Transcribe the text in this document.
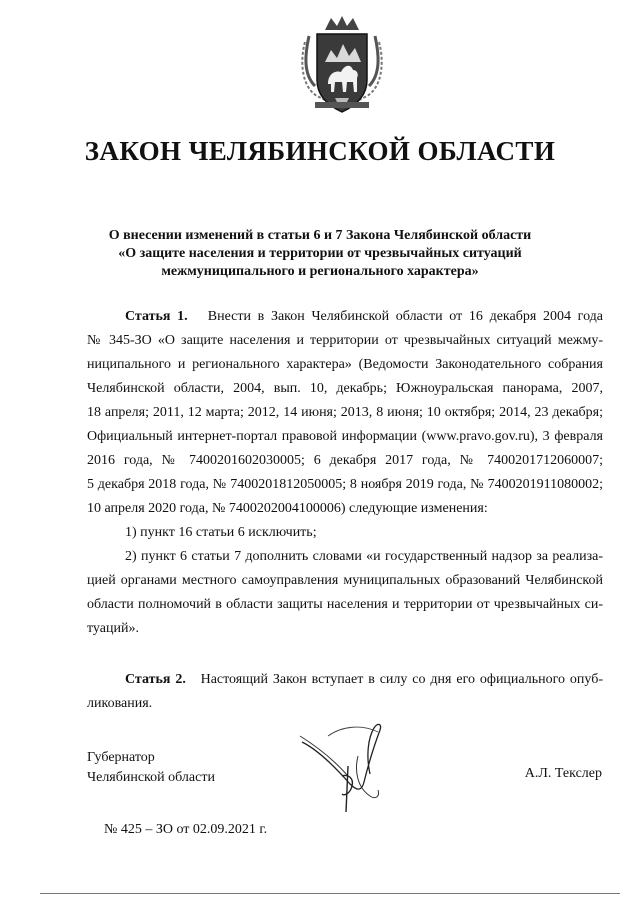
ЗАКОН ЧЕЛЯБИНСКОЙ ОБЛАСТИ
О внесении изменений в статьи 6 и 7 Закона Челябинской области
«О защите населения и территории от чрезвычайных ситуаций
межмуниципального и регионального характера»
Статья 1. Внести в Закон Челябинской области от 16 декабря 2004 года
№ 345-ЗО «О защите населения и территории от чрезвычайных ситуаций межму-
ниципального и регионального характера» (Ведомости Законодательного собрания
Челябинской области, 2004, вып. 10, декабрь; Южноуральская панорама, 2007,
18 апреля; 2011, 12 марта; 2012, 14 июня; 2013, 8 июня; 10 октября; 2014, 23 декабря;
Официальный интернет-портал правовой информации (www.pravo.gov.ru), 3 февраля
2016 года, № 7400201602030005; 6 декабря 2017 года, № 7400201712060007;
5 декабря 2018 года, № 7400201812050005; 8 ноября 2019 года, № 7400201911080002;
10 апреля 2020 года, № 7400202004100006) следующие изменения:
1) пункт 16 статьи 6 исключить;
2) пункт 6 статьи 7 дополнить словами «и государственный надзор за реализа-
цией органами местного самоуправления муниципальных образований Челябинской
области полномочий в области защиты населения и территории от чрезвычайных си-
туаций».
Статья 2. Настоящий Закон вступает в силу со дня его официального опуб-
ликования.
Губернатор
Челябинской области	А.Л. Текслер
№ 425 – ЗО от 02.09.2021 г.
